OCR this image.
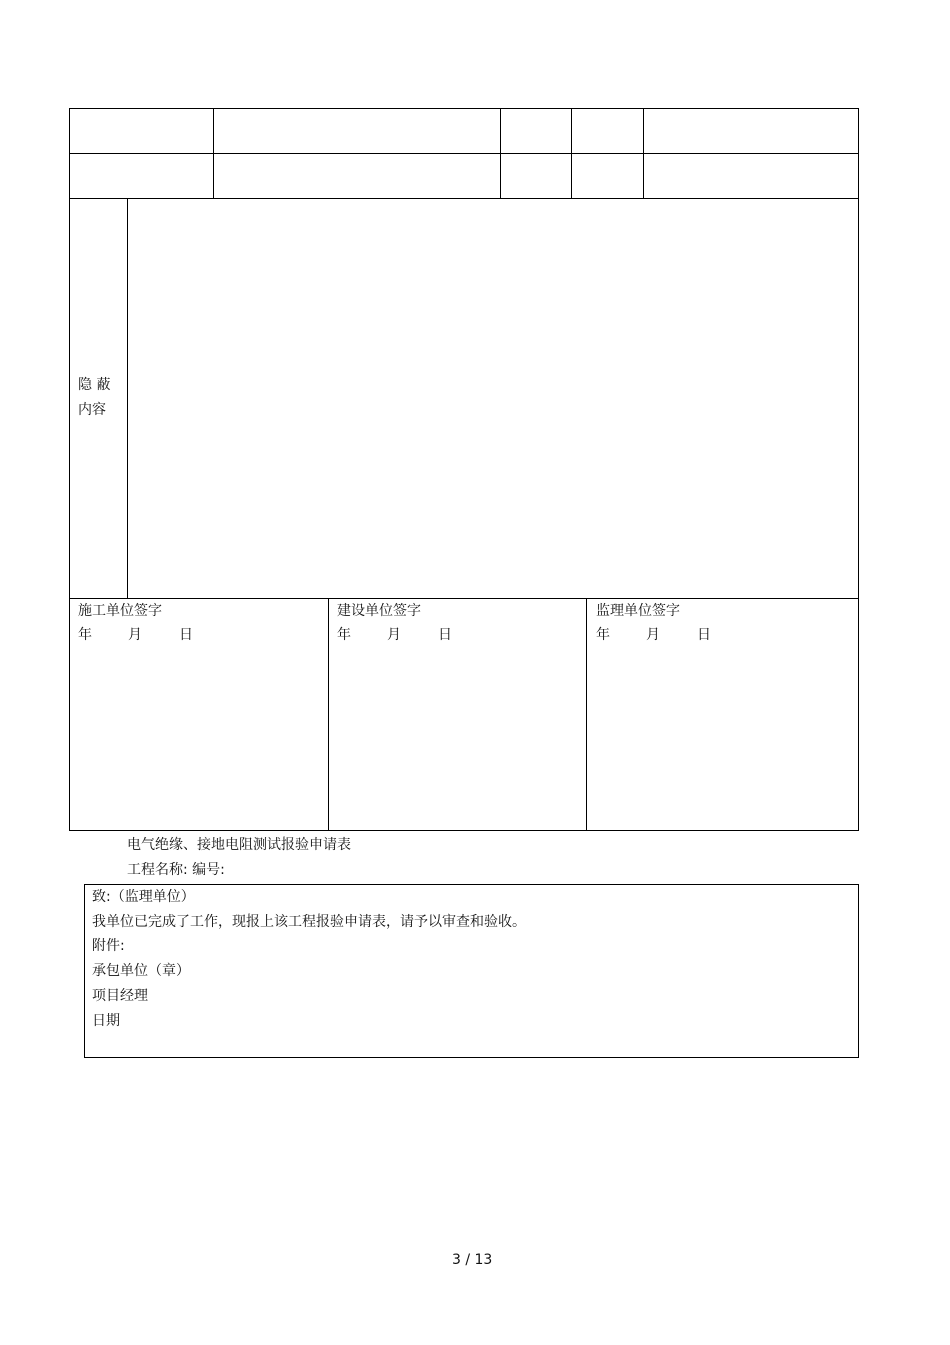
隐 蔽
内容
施工单位签字
年	月	日
建设单位签字
年	月	日
监理单位签字
年	月	日
电气绝缘、接地电阻测试报验申请表
工程名称: 编号:
致:（监理单位）
我单位已完成了工作，现报上该工程报验申请表，请予以审查和验收。
附件:
承包单位（章）
项目经理
日期
3 / 13
